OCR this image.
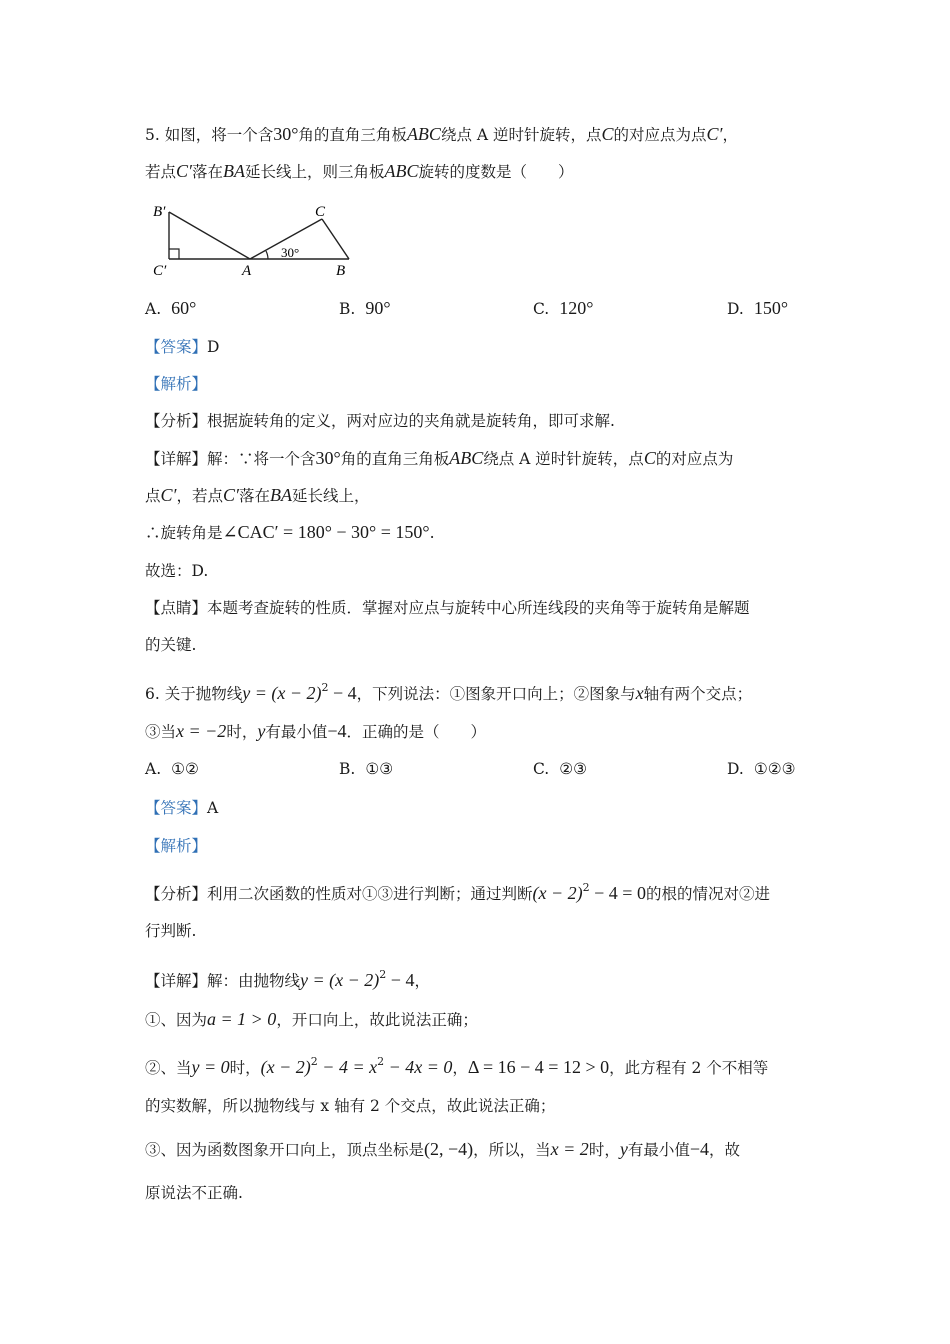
5. 如图，将一个含30°角的直角三角板ABC绕点 A 逆时针旋转，点C的对应点为点C′，
若点C′落在BA延长线上，则三角板ABC旋转的度数是（　　）
B′
C′	A	B
C
30°
A. 60°	B. 90°	C. 120°	D. 150°
【答案】D
【解析】
【分析】根据旋转角的定义，两对应边的夹角就是旋转角，即可求解.
【详解】解：∵将一个含30°角的直角三角板ABC绕点 A 逆时针旋转，点C的对应点为
点C′，若点C′落在BA延长线上，
∴旋转角是∠CAC′ = 180° − 30° = 150°.
故选：D.
【点睛】本题考查旋转的性质．掌握对应点与旋转中心所连线段的夹角等于旋转角是解题
的关键.
6. 关于抛物线$y = (x - 2)^2 - 4$，下列说法：①图象开口向上；②图象与x轴有两个交点；
③当x = −2时，y有最小值−4．正确的是（　　）
A. ①②	B. ①③	C. ②③	D. ①②③
【答案】A
【解析】
【分析】利用二次函数的性质对①③进行判断；通过判断$(x - 2)^2 - 4 = 0$的根的情况对②进
行判断.
【详解】解：由抛物线$y = (x - 2)^2 - 4$，
①、因为a = 1 > 0，开口向上，故此说法正确；
②、当y = 0时，$(x - 2)^2 - 4 = x^2 - 4x = 0$，Δ = 16 − 4 = 12 > 0，此方程有 2 个不相等
的实数解，所以抛物线与 x 轴有 2 个交点，故此说法正确；
③、因为函数图象开口向上，顶点坐标是(2, −4)，所以，当x = 2时，y有最小值−4，故
原说法不正确.
